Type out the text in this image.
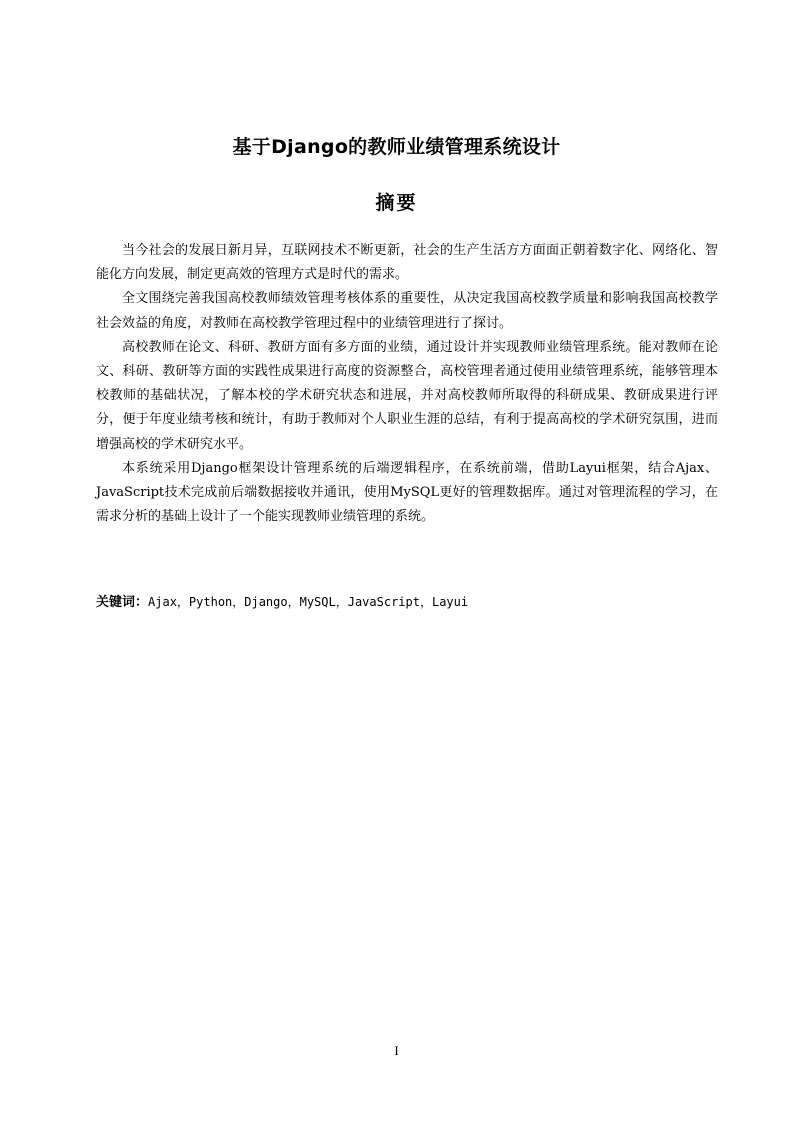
基于Django的教师业绩管理系统设计
摘要

当今社会的发展日新月异，互联网技术不断更新，社会的生产生活方方面面正朝着数字化、网络化、智能化方向发展，制定更高效的管理方式是时代的需求。

全文围绕完善我国高校教师绩效管理考核体系的重要性，从决定我国高校教学质量和影响我国高校教学社会效益的角度，对教师在高校教学管理过程中的业绩管理进行了探讨。

高校教师在论文、科研、教研方面有多方面的业绩，通过设计并实现教师业绩管理系统。能对教师在论文、科研、教研等方面的实践性成果进行高度的资源整合，高校管理者通过使用业绩管理系统，能够管理本校教师的基础状况，了解本校的学术研究状态和进展，并对高校教师所取得的科研成果、教研成果进行评分，便于年度业绩考核和统计，有助于教师对个人职业生涯的总结，有利于提高高校的学术研究氛围，进而增强高校的学术研究水平。

本系统采用Django框架设计管理系统的后端逻辑程序，在系统前端，借助Layui框架，结合Ajax、JavaScript技术完成前后端数据接收并通讯，使用MySQL更好的管理数据库。通过对管理流程的学习，在需求分析的基础上设计了一个能实现教师业绩管理的系统。

关键词：Ajax，Python，Django，MySQL，JavaScript，Layui
I
